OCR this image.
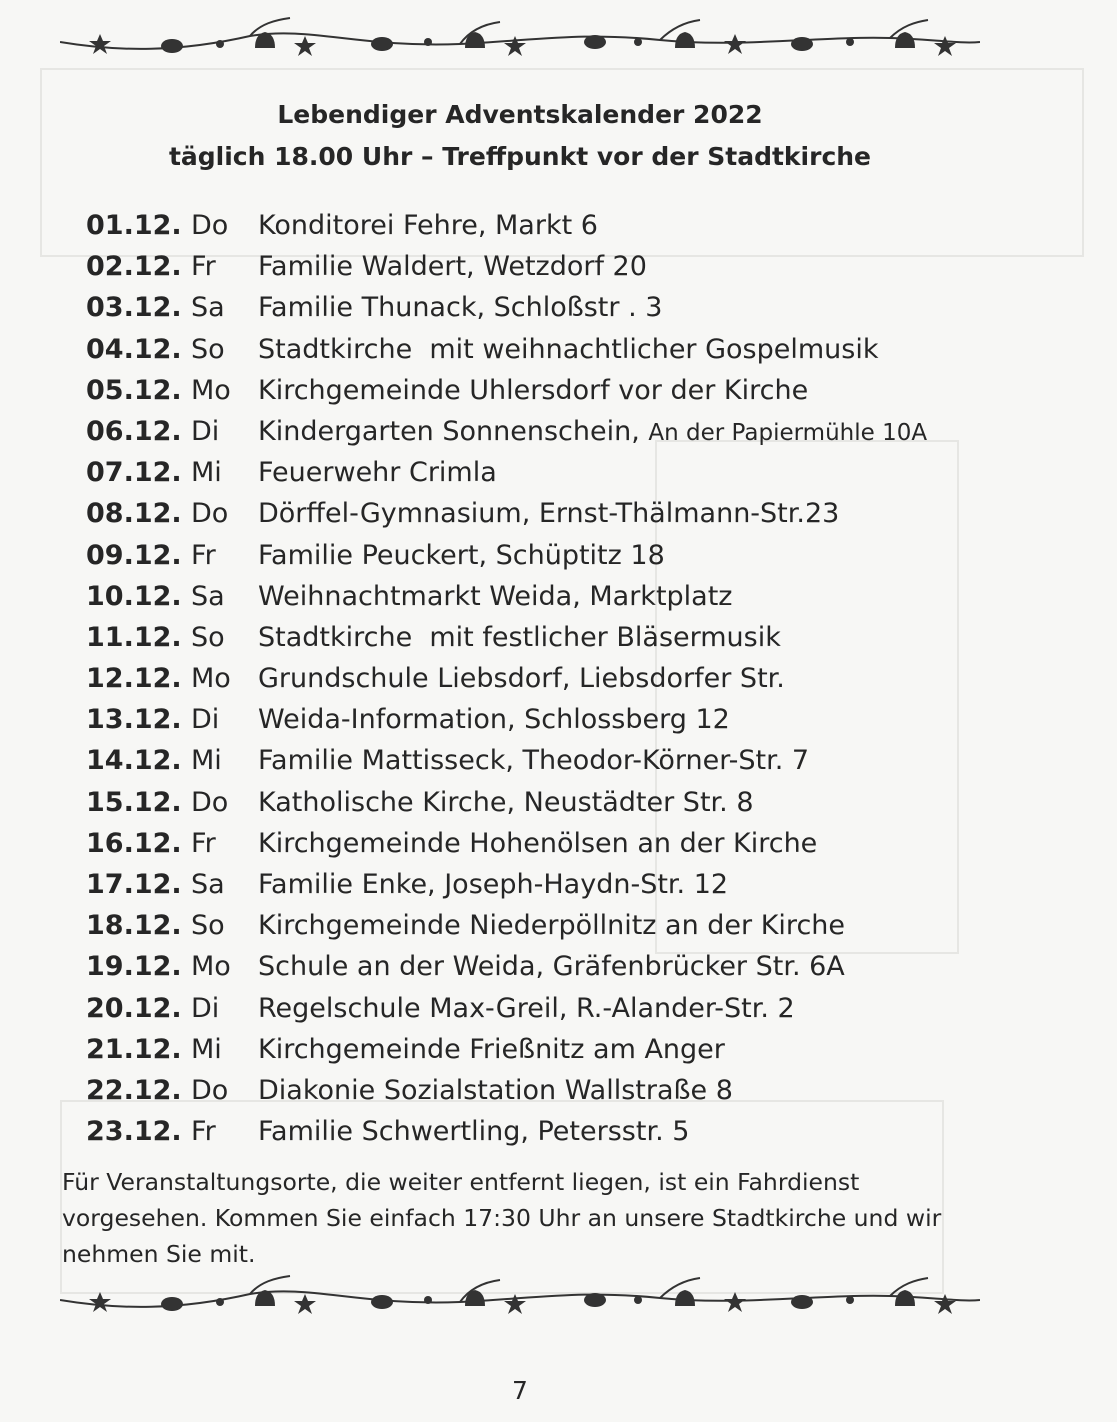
Lebendiger Adventskalender 2022
täglich 18.00 Uhr – Treffpunkt vor der Stadtkirche
01.12. Do Konditorei Fehre, Markt 6
02.12. Fr Familie Waldert, Wetzdorf 20
03.12. Sa Familie Thunack, Schloßstr . 3
04.12. So Stadtkirche  mit weihnachtlicher Gospelmusik
05.12. Mo Kirchgemeinde Uhlersdorf vor der Kirche
06.12. Di Kindergarten Sonnenschein, An der Papiermühle 10A
07.12. Mi Feuerwehr Crimla
08.12. Do Dörffel-Gymnasium, Ernst-Thälmann-Str.23
09.12. Fr Familie Peuckert, Schüptitz 18
10.12. Sa Weihnachtmarkt Weida, Marktplatz
11.12. So Stadtkirche  mit festlicher Bläsermusik
12.12. Mo Grundschule Liebsdorf, Liebsdorfer Str.
13.12. Di Weida-Information, Schlossberg 12
14.12. Mi Familie Mattisseck, Theodor-Körner-Str. 7
15.12. Do Katholische Kirche, Neustädter Str. 8
16.12. Fr Kirchgemeinde Hohenölsen an der Kirche
17.12. Sa Familie Enke, Joseph-Haydn-Str. 12
18.12. So Kirchgemeinde Niederpöllnitz an der Kirche
19.12. Mo Schule an der Weida, Gräfenbrücker Str. 6A
20.12. Di Regelschule Max-Greil, R.-Alander-Str. 2
21.12. Mi Kirchgemeinde Frießnitz am Anger
22.12. Do Diakonie Sozialstation Wallstraße 8
23.12. Fr Familie Schwertling, Petersstr. 5
Für Veranstaltungsorte, die weiter entfernt liegen, ist ein Fahrdienst
vorgesehen. Kommen Sie einfach 17:30 Uhr an unsere Stadtkirche und wir
nehmen Sie mit.
7
